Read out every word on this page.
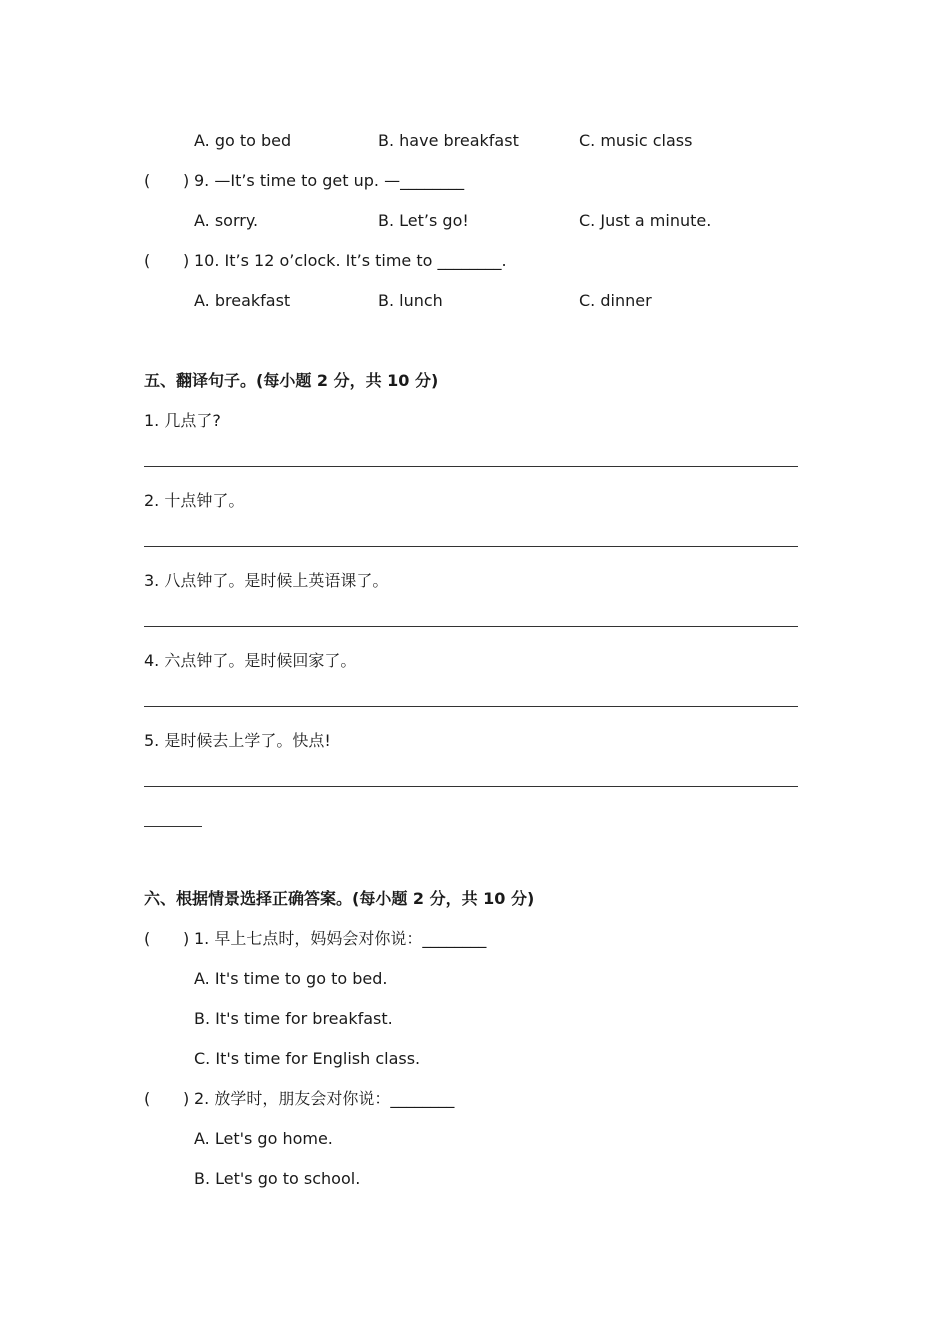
A. go to bed	B. have breakfast	C. music class
( ) 9. —It’s time to get up. —________
A. sorry.	B. Let’s go!	C. Just a minute.
( ) 10. It’s 12 o’clock. It’s time to ________.
A. breakfast	B. lunch	C. dinner
五、翻译句子。(每小题 2 分，共 10 分)
1. 几点了?
2. 十点钟了。
3. 八点钟了。是时候上英语课了。
4. 六点钟了。是时候回家了。
5. 是时候去上学了。快点!
六、根据情景选择正确答案。(每小题 2 分，共 10 分)
( ) 1. 早上七点时，妈妈会对你说：________
A. It's time to go to bed.
B. It's time for breakfast.
C. It's time for English class.
( ) 2. 放学时，朋友会对你说：________
A. Let's go home.
B. Let's go to school.
